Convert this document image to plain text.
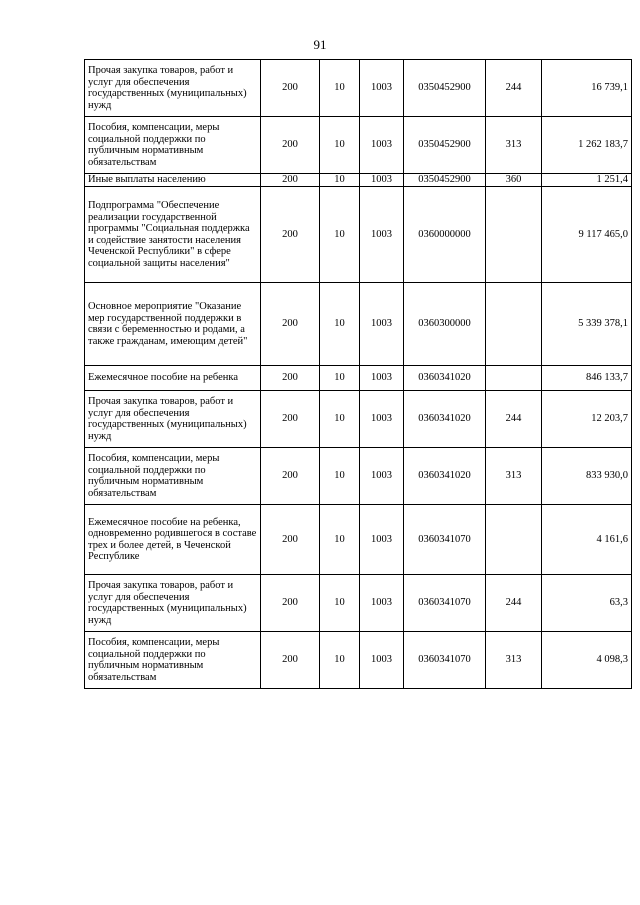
91
Прочая закупка товаров, работ и услуг для обеспечения государственных (муниципальных) нужд	200	10	1003	0350452900	244	16 739,1
Пособия, компенсации, меры социальной поддержки по публичным нормативным обязательствам	200	10	1003	0350452900	313	1 262 183,7
Иные выплаты населению	200	10	1003	0350452900	360	1 251,4
Подпрограмма "Обеспечение реализации государственной программы "Социальная поддержка и содействие занятости населения Чеченской Республики" в сфере социальной защиты населения"	200	10	1003	0360000000		9 117 465,0
Основное мероприятие "Оказание мер государственной поддержки в связи с беременностью и родами, а также гражданам, имеющим детей"	200	10	1003	0360300000		5 339 378,1
Ежемесячное пособие на ребенка	200	10	1003	0360341020		846 133,7
Прочая закупка товаров, работ и услуг для обеспечения государственных (муниципальных) нужд	200	10	1003	0360341020	244	12 203,7
Пособия, компенсации, меры социальной поддержки по публичным нормативным обязательствам	200	10	1003	0360341020	313	833 930,0
Ежемесячное пособие на ребенка, одновременно родившегося в составе трех и более детей, в Чеченской Республике	200	10	1003	0360341070		4 161,6
Прочая закупка товаров, работ и услуг для обеспечения государственных (муниципальных) нужд	200	10	1003	0360341070	244	63,3
Пособия, компенсации, меры социальной поддержки по публичным нормативным обязательствам	200	10	1003	0360341070	313	4 098,3
